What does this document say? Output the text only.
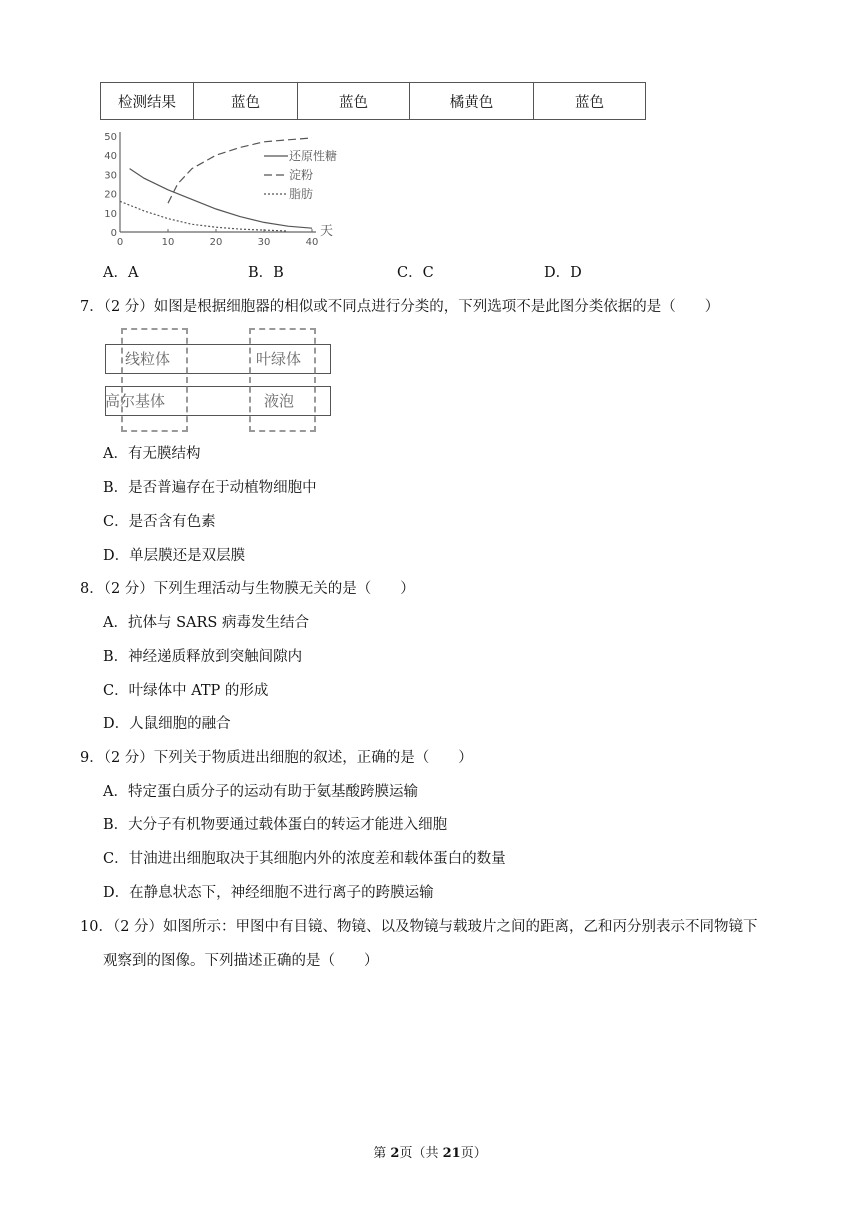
检测结果	蓝色	蓝色	橘黄色	蓝色
0
10
20
30
40
50
0	10	20	30	40
天
还原性糖
淀粉
脂肪
A．A	B．B	C．C	D．D
7．（2 分）如图是根据细胞器的相似或不同点进行分类的，下列选项不是此图分类依据的是（　　）
线粒体	叶绿体
高尔基体	液泡
A．有无膜结构
B．是否普遍存在于动植物细胞中
C．是否含有色素
D．单层膜还是双层膜
8．（2 分）下列生理活动与生物膜无关的是（　　）
A．抗体与 SARS 病毒发生结合
B．神经递质释放到突触间隙内
C．叶绿体中 ATP 的形成
D．人鼠细胞的融合
9．（2 分）下列关于物质进出细胞的叙述，正确的是（　　）
A．特定蛋白质分子的运动有助于氨基酸跨膜运输
B．大分子有机物要通过载体蛋白的转运才能进入细胞
C．甘油进出细胞取决于其细胞内外的浓度差和载体蛋白的数量
D．在静息状态下，神经细胞不进行离子的跨膜运输
10．（2 分）如图所示：甲图中有目镜、物镜、以及物镜与载玻片之间的距离，乙和丙分别表示不同物镜下
观察到的图像。下列描述正确的是（　　）
第 2页（共 21页）
